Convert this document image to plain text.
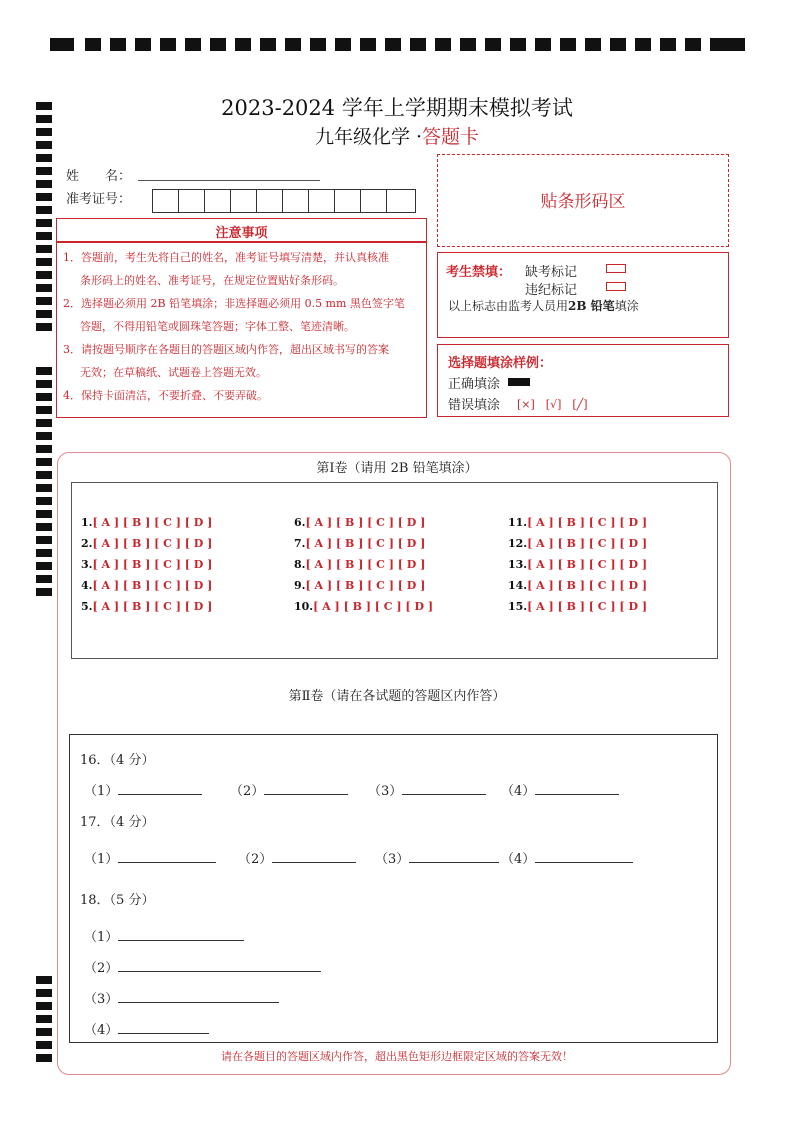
2023-2024 学年上学期期末模拟考试
九年级化学 ·答题卡
姓　　名：
准考证号：	贴条形码区
注意事项
1．答题前，考生先将自己的姓名，准考证号填写清楚，并认真核准
条形码上的姓名、准考证号，在规定位置贴好条形码。
2．选择题必须用 2B 铅笔填涂；非选择题必须用 0.5 mm 黑色签字笔
答题，不得用铅笔或圆珠笔答题；字体工整、笔迹清晰。
3．请按题号顺序在各题目的答题区域内作答，超出区域书写的答案
无效；在草稿纸、试题卷上答题无效。
4．保持卡面清洁，不要折叠、不要弄破。
考生禁填： 缺考标记
违纪标记
以上标志由监考人员用2B 铅笔填涂
选择题填涂样例：
正确填涂
错误填涂 [×]　[√]　[╱]
第Ⅰ卷（请用 2B 铅笔填涂）
1.[ A ] [ B ] [ C ] [ D ]
2.[ A ] [ B ] [ C ] [ D ]
3.[ A ] [ B ] [ C ] [ D ]
4.[ A ] [ B ] [ C ] [ D ]
5.[ A ] [ B ] [ C ] [ D ]
6.[ A ] [ B ] [ C ] [ D ]
7.[ A ] [ B ] [ C ] [ D ]
8.[ A ] [ B ] [ C ] [ D ]
9.[ A ] [ B ] [ C ] [ D ]
10.[ A ] [ B ] [ C ] [ D ]
11.[ A ] [ B ] [ C ] [ D ]
12.[ A ] [ B ] [ C ] [ D ]
13.[ A ] [ B ] [ C ] [ D ]
14.[ A ] [ B ] [ C ] [ D ]
15.[ A ] [ B ] [ C ] [ D ]
第Ⅱ卷（请在各试题的答题区内作答）
16．（4 分）
（1）	（2）	（3）	（4）
17．（4 分）
（1）	（2）	（3）	（4）
18．（5 分）
（1）
（2）
（3）
（4）
请在各题目的答题区域内作答，超出黑色矩形边框限定区域的答案无效！
